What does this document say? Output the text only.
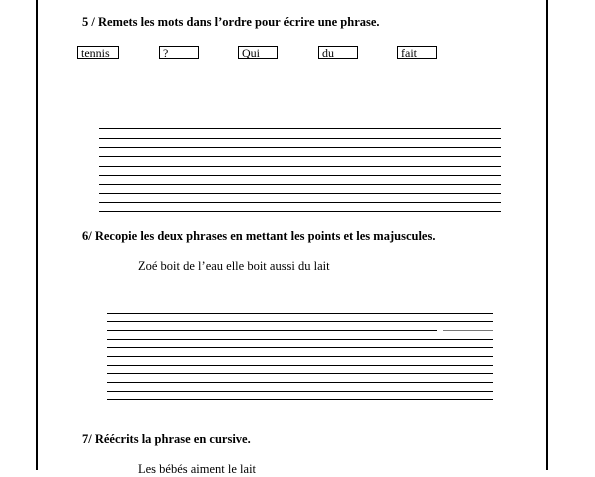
5 / Remets les mots dans l’ordre pour écrire une phrase.
tennis	?	Qui	du	fait
6/ Recopie les deux phrases en mettant les points et les majuscules.
Zoé boit de l’eau elle boit aussi du lait
7/ Réécrits la phrase en cursive.
Les bébés aiment le lait
